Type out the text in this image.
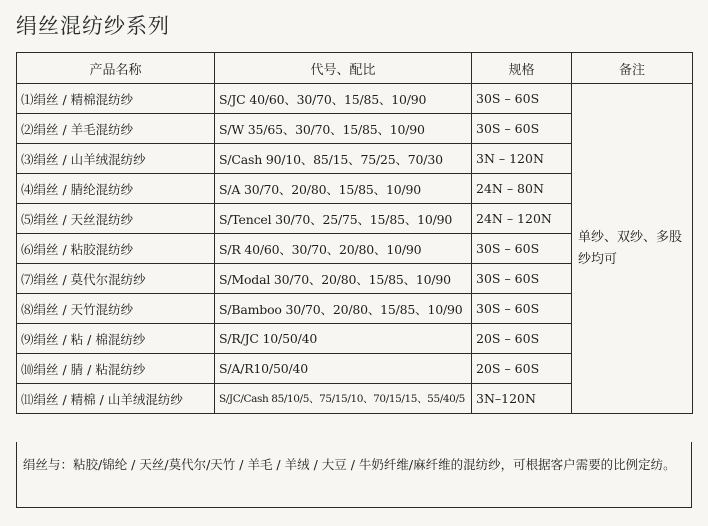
绢丝混纺纱系列
产品名称	代号、配比	规格	备注
⑴绢丝 / 精棉混纺纱	S/JC 40/60、30/70、15/85、10/90	30S – 60S	单纱、双纱、多股纱均可
⑵绢丝 / 羊毛混纺纱	S/W 35/65、30/70、15/85、10/90	30S – 60S	
⑶绢丝 / 山羊绒混纺纱	S/Cash 90/10、85/15、75/25、70/30	3N – 120N	
⑷绢丝 / 腈纶混纺纱	S/A 30/70、20/80、15/85、10/90	24N – 80N	
⑸绢丝 / 天丝混纺纱	S/Tencel 30/70、25/75、15/85、10/90	24N – 120N	
⑹绢丝 / 粘胶混纺纱	S/R 40/60、30/70、20/80、10/90	30S – 60S	
⑺绢丝 / 莫代尔混纺纱	S/Modal 30/70、20/80、15/85、10/90	30S – 60S	
⑻绢丝 / 天竹混纺纱	S/Bamboo 30/70、20/80、15/85、10/90	30S – 60S	
⑼绢丝 / 粘 / 棉混纺纱	S/R/JC 10/50/40	20S – 60S	
⑽绢丝 / 腈 / 粘混纺纱	S/A/R10/50/40	20S – 60S	
⑾绢丝 / 精棉 / 山羊绒混纺纱	S/JC/Cash 85/10/5、75/15/10、70/15/15、55/40/5	3N–120N	
绢丝与：粘胶/锦纶 / 天丝/莫代尔/天竹 / 羊毛 / 羊绒 / 大豆 / 牛奶纤维/麻纤维的混纺纱，可根据客户需要的比例定纺。
